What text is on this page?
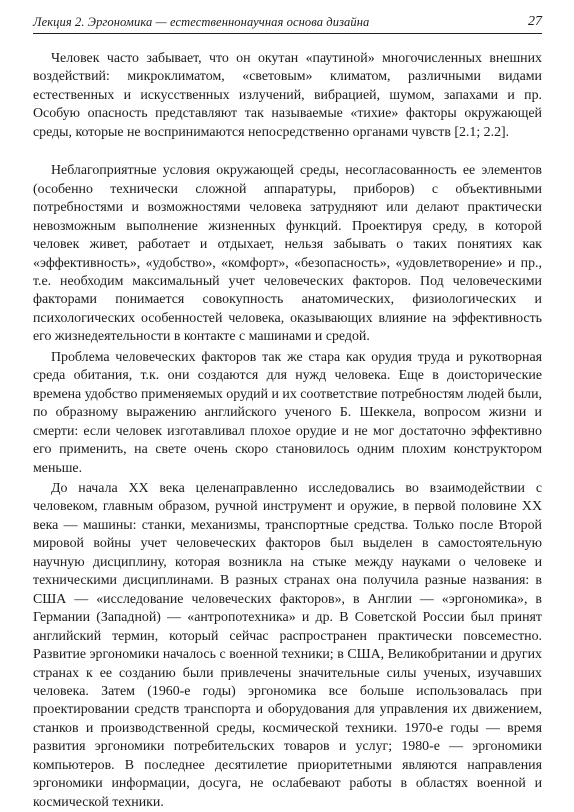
Лекция 2. Эргономика — естественнонаучная основа дизайна	27

Человек часто забывает, что он окутан «паутиной» многочисленных внешних воздействий: микроклиматом, «световым» климатом, различными видами естественных и искусственных излучений, вибрацией, шумом, запахами и пр. Особую опасность представляют так называемые «тихие» факторы окружающей среды, которые не воспринимаются непосредственно органами чувств [2.1; 2.2].

Неблагоприятные условия окружающей среды, несогласованность ее элементов (особенно технически сложной аппаратуры, приборов) с объективными потребностями и возможностями человека затрудняют или делают практически невозможным выполнение жизненных функций. Проектируя среду, в которой человек живет, работает и отдыхает, нельзя забывать о таких понятиях как «эффективность», «удобство», «комфорт», «безопасность», «удовлетворение» и пр., т.е. необходим максимальный учет человеческих факторов. Под человеческими факторами понимается совокупность анатомических, физиологических и психологических особенностей человека, оказывающих влияние на эффективность его жизнедеятельности в контакте с машинами и средой.

Проблема человеческих факторов так же стара как орудия труда и рукотворная среда обитания, т.к. они создаются для нужд человека. Еще в доисторические времена удобство применяемых орудий и их соответствие потребностям людей были, по образному выражению английского ученого Б. Шеккела, вопросом жизни и смерти: если человек изготавливал плохое орудие и не мог достаточно эффективно его применить, на свете очень скоро становилось одним плохим конструктором меньше.

До начала XX века целенаправленно исследовались во взаимодействии с человеком, главным образом, ручной инструмент и оружие, в первой половине XX века — машины: станки, механизмы, транспортные средства. Только после Второй мировой войны учет человеческих факторов был выделен в самостоятельную научную дисциплину, которая возникла на стыке между науками о человеке и техническими дисциплинами. В разных странах она получила разные названия: в США — «исследование человеческих факторов», в Англии — «эргономика», в Германии (Западной) — «антропотехника» и др. В Советской России был принят английский термин, который сейчас распространен практически повсеместно. Развитие эргономики началось с военной техники; в США, Великобритании и других странах к ее созданию были привлечены значительные силы ученых, изучавших человека. Затем (1960-е годы) эргономика все больше использовалась при проектировании средств транспорта и оборудования для управления их движением, станков и производственной среды, космической техники. 1970-е годы — время развития эргономики потребительских товаров и услуг; 1980-е — эргономики компьютеров. В последнее десятилетие приоритетными являются направления эргономики информации, досуга, не ослабевают работы в областях военной и космической техники.
